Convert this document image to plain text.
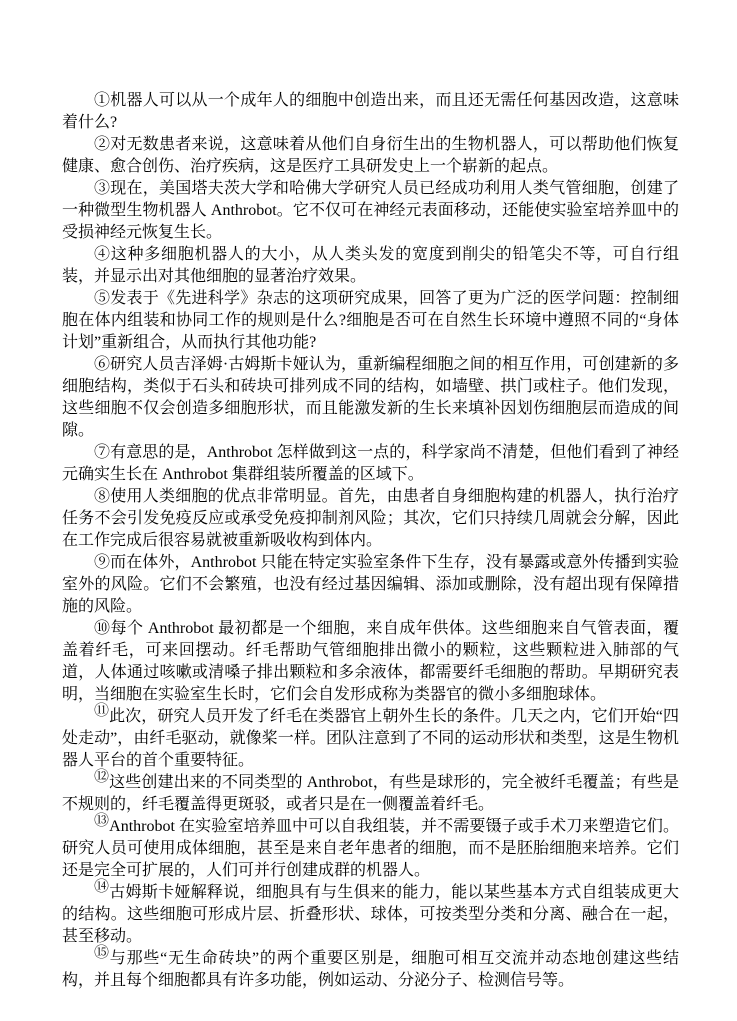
①机器人可以从一个成年人的细胞中创造出来，而且还无需任何基因改造，这意味着什么?

②对无数患者来说，这意味着从他们自身衍生出的生物机器人，可以帮助他们恢复健康、愈合创伤、治疗疾病，这是医疗工具研发史上一个崭新的起点。

③现在，美国塔夫茨大学和哈佛大学研究人员已经成功利用人类气管细胞，创建了一种微型生物机器人 Anthrobot。它不仅可在神经元表面移动，还能使实验室培养皿中的受损神经元恢复生长。

④这种多细胞机器人的大小，从人类头发的宽度到削尖的铅笔尖不等，可自行组装，并显示出对其他细胞的显著治疗效果。

⑤发表于《先进科学》杂志的这项研究成果，回答了更为广泛的医学问题：控制细胞在体内组装和协同工作的规则是什么?细胞是否可在自然生长环境中遵照不同的“身体计划”重新组合，从而执行其他功能?

⑥研究人员吉泽姆·古姆斯卡娅认为，重新编程细胞之间的相互作用，可创建新的多细胞结构，类似于石头和砖块可排列成不同的结构，如墙壁、拱门或柱子。他们发现，这些细胞不仅会创造多细胞形状，而且能激发新的生长来填补因划伤细胞层而造成的间隙。

⑦有意思的是，Anthrobot 怎样做到这一点的，科学家尚不清楚，但他们看到了神经元确实生长在 Anthrobot 集群组装所覆盖的区域下。

⑧使用人类细胞的优点非常明显。首先，由患者自身细胞构建的机器人，执行治疗任务不会引发免疫反应或承受免疫抑制剂风险；其次，它们只持续几周就会分解，因此在工作完成后很容易就被重新吸收构到体内。

⑨而在体外，Anthrobot 只能在特定实验室条件下生存，没有暴露或意外传播到实验室外的风险。它们不会繁殖，也没有经过基因编辑、添加或删除，没有超出现有保障措施的风险。

⑩每个 Anthrobot 最初都是一个细胞，来自成年供体。这些细胞来自气管表面，覆盖着纤毛，可来回摆动。纤毛帮助气管细胞排出微小的颗粒，这些颗粒进入肺部的气道，人体通过咳嗽或清嗓子排出颗粒和多余液体，都需要纤毛细胞的帮助。早期研究表明，当细胞在实验室生长时，它们会自发形成称为类器官的微小多细胞球体。

⑪此次，研究人员开发了纤毛在类器官上朝外生长的条件。几天之内，它们开始“四处走动”，由纤毛驱动，就像桨一样。团队注意到了不同的运动形状和类型，这是生物机器人平台的首个重要特征。

⑫这些创建出来的不同类型的 Anthrobot，有些是球形的，完全被纤毛覆盖；有些是不规则的，纤毛覆盖得更斑驳，或者只是在一侧覆盖着纤毛。

⑬Anthrobot 在实验室培养皿中可以自我组装，并不需要镊子或手术刀来塑造它们。研究人员可使用成体细胞，甚至是来自老年患者的细胞，而不是胚胎细胞来培养。它们还是完全可扩展的，人们可并行创建成群的机器人。

⑭古姆斯卡娅解释说，细胞具有与生俱来的能力，能以某些基本方式自组装成更大的结构。这些细胞可形成片层、折叠形状、球体，可按类型分类和分离、融合在一起，甚至移动。

⑮与那些“无生命砖块”的两个重要区别是，细胞可相互交流并动态地创建这些结构，并且每个细胞都具有许多功能，例如运动、分泌分子、检测信号等。
